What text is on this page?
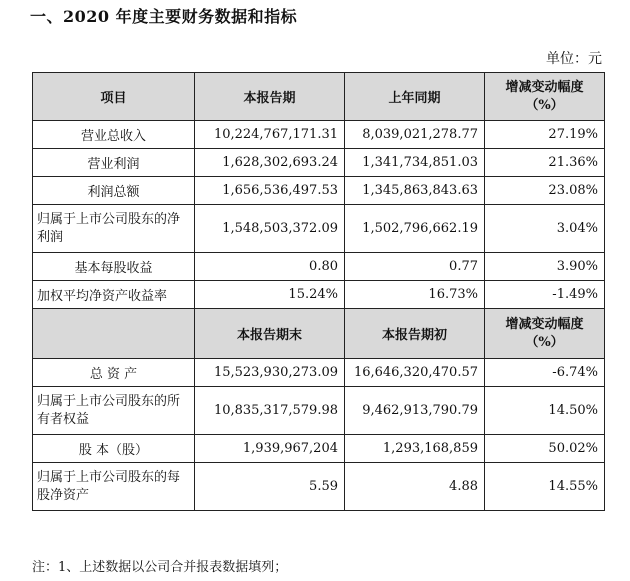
一、2020 年度主要财务数据和指标
单位：元
项目	本报告期	上年同期	增减变动幅度（%）
营业总收入	10,224,767,171.31	8,039,021,278.77	27.19%
营业利润	1,628,302,693.24	1,341,734,851.03	21.36%
利润总额	1,656,536,497.53	1,345,863,843.63	23.08%
归属于上市公司股东的净利润	1,548,503,372.09	1,502,796,662.19	3.04%
基本每股收益	0.80	0.77	3.90%
加权平均净资产收益率	15.24%	16.73%	-1.49%
	本报告期末	本报告期初	增减变动幅度（%）
总 资 产	15,523,930,273.09	16,646,320,470.57	-6.74%
归属于上市公司股东的所有者权益	10,835,317,579.98	9,462,913,790.79	14.50%
股 本（股）	1,939,967,204	1,293,168,859	50.02%
归属于上市公司股东的每股净资产	5.59	4.88	14.55%
注：1、上述数据以公司合并报表数据填列；
